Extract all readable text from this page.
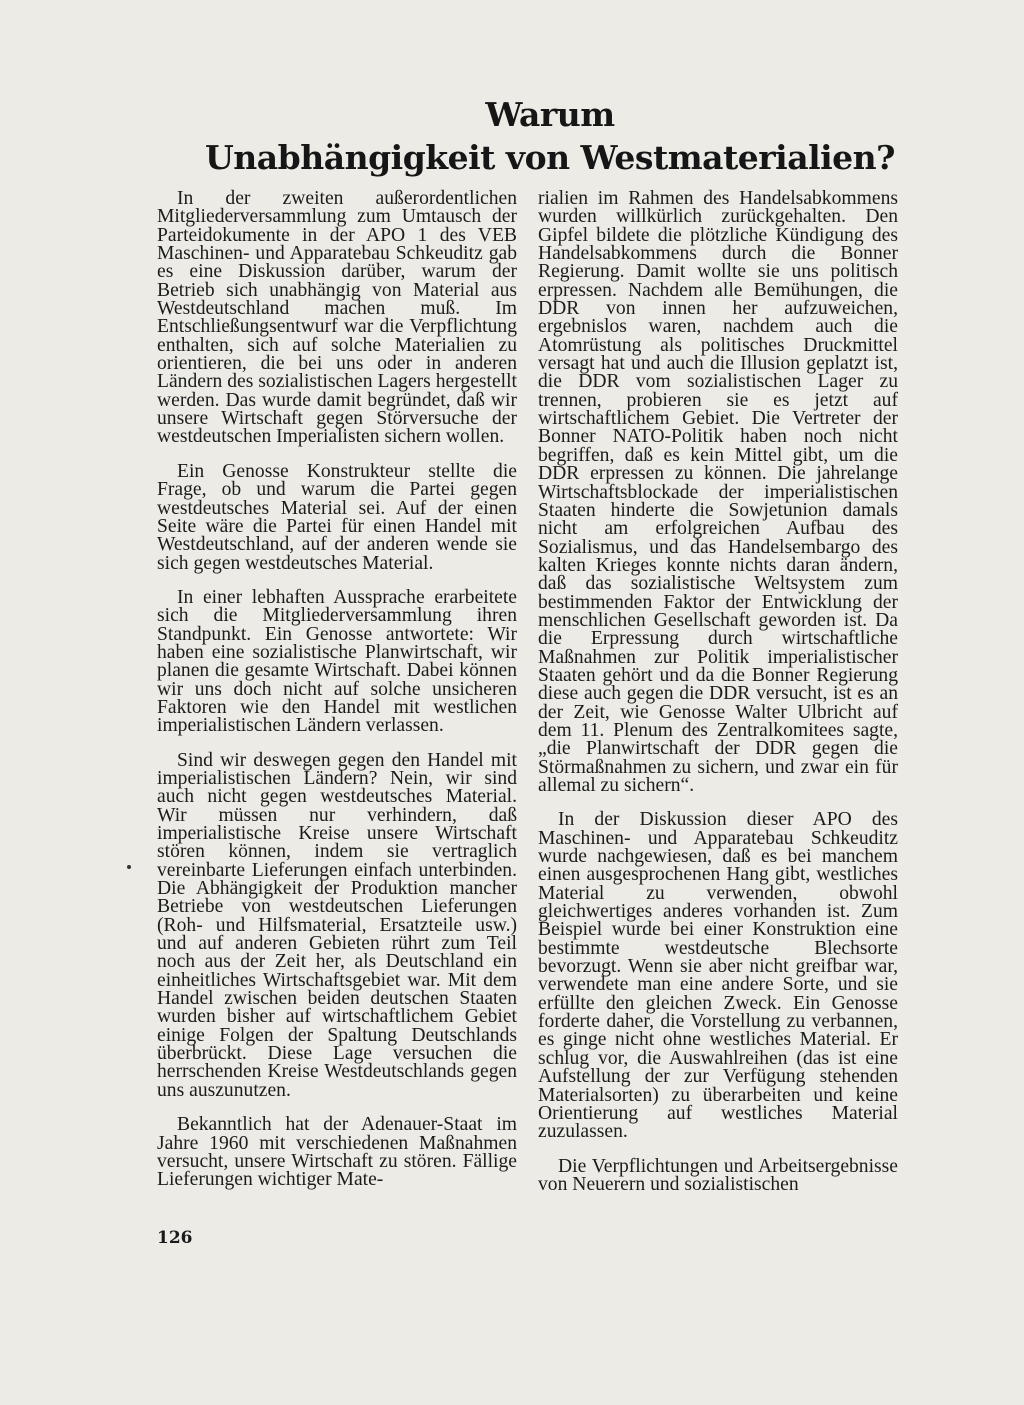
Warum
Unabhängigkeit von Westmaterialien?

In der zweiten außerordentlichen Mitgliederversammlung zum Umtausch der Parteidokumente in der APO 1 des VEB Maschinen- und Apparatebau Schkeuditz gab es eine Diskussion darüber, warum der Betrieb sich unabhängig von Material aus Westdeutschland machen muß. Im Entschließungsentwurf war die Verpflichtung enthalten, sich auf solche Materialien zu orientieren, die bei uns oder in anderen Ländern des sozialistischen Lagers hergestellt werden. Das wurde damit begründet, daß wir unsere Wirtschaft gegen Störversuche der westdeutschen Imperialisten sichern wollen.

Ein Genosse Konstrukteur stellte die Frage, ob und warum die Partei gegen westdeutsches Material sei. Auf der einen Seite wäre die Partei für einen Handel mit Westdeutschland, auf der anderen wende sie sich gegen westdeutsches Material.

In einer lebhaften Aussprache erarbeitete sich die Mitgliederversammlung ihren Standpunkt. Ein Genosse antwortete: Wir haben eine sozialistische Planwirtschaft, wir planen die gesamte Wirtschaft. Dabei können wir uns doch nicht auf solche unsicheren Faktoren wie den Handel mit westlichen imperialistischen Ländern verlassen.

Sind wir deswegen gegen den Handel mit imperialistischen Ländern? Nein, wir sind auch nicht gegen westdeutsches Material. Wir müssen nur verhindern, daß imperialistische Kreise unsere Wirtschaft stören können, indem sie vertraglich vereinbarte Lieferungen einfach unterbinden. Die Abhängigkeit der Produktion mancher Betriebe von westdeutschen Lieferungen (Roh- und Hilfsmaterial, Ersatzteile usw.) und auf anderen Gebieten rührt zum Teil noch aus der Zeit her, als Deutschland ein einheitliches Wirtschaftsgebiet war. Mit dem Handel zwischen beiden deutschen Staaten wurden bisher auf wirtschaftlichem Gebiet einige Folgen der Spaltung Deutschlands überbrückt. Diese Lage versuchen die herrschenden Kreise Westdeutschlands gegen uns auszunutzen.

Bekanntlich hat der Adenauer-Staat im Jahre 1960 mit verschiedenen Maßnahmen versucht, unsere Wirtschaft zu stören. Fällige Lieferungen wichtiger Mate-

rialien im Rahmen des Handelsabkommens wurden willkürlich zurückgehalten. Den Gipfel bildete die plötzliche Kündigung des Handelsabkommens durch die Bonner Regierung. Damit wollte sie uns politisch erpressen. Nachdem alle Bemühungen, die DDR von innen her aufzuweichen, ergebnislos waren, nachdem auch die Atomrüstung als politisches Druckmittel versagt hat und auch die Illusion geplatzt ist, die DDR vom sozialistischen Lager zu trennen, probieren sie es jetzt auf wirtschaftlichem Gebiet. Die Vertreter der Bonner NATO-Politik haben noch nicht begriffen, daß es kein Mittel gibt, um die DDR erpressen zu können. Die jahrelange Wirtschaftsblockade der imperialistischen Staaten hinderte die Sowjetunion damals nicht am erfolgreichen Aufbau des Sozialismus, und das Handelsembargo des kalten Krieges konnte nichts daran ändern, daß das sozialistische Weltsystem zum bestimmenden Faktor der Entwicklung der menschlichen Gesellschaft geworden ist. Da die Erpressung durch wirtschaftliche Maßnahmen zur Politik imperialistischer Staaten gehört und da die Bonner Regierung diese auch gegen die DDR versucht, ist es an der Zeit, wie Genosse Walter Ulbricht auf dem 11. Plenum des Zentralkomitees sagte, „die Planwirtschaft der DDR gegen die Störmaßnahmen zu sichern, und zwar ein für allemal zu sichern“.

In der Diskussion dieser APO des Maschinen- und Apparatebau Schkeuditz wurde nachgewiesen, daß es bei manchem einen ausgesprochenen Hang gibt, westliches Material zu verwenden, obwohl gleichwertiges anderes vorhanden ist. Zum Beispiel wurde bei einer Konstruktion eine bestimmte westdeutsche Blechsorte bevorzugt. Wenn sie aber nicht greifbar war, verwendete man eine andere Sorte, und sie erfüllte den gleichen Zweck. Ein Genosse forderte daher, die Vorstellung zu verbannen, es ginge nicht ohne westliches Material. Er schlug vor, die Auswahlreihen (das ist eine Aufstellung der zur Verfügung stehenden Materialsorten) zu überarbeiten und keine Orientierung auf westliches Material zuzulassen.

Die Verpflichtungen und Arbeitsergebnisse von Neuerern und sozialistischen

126
